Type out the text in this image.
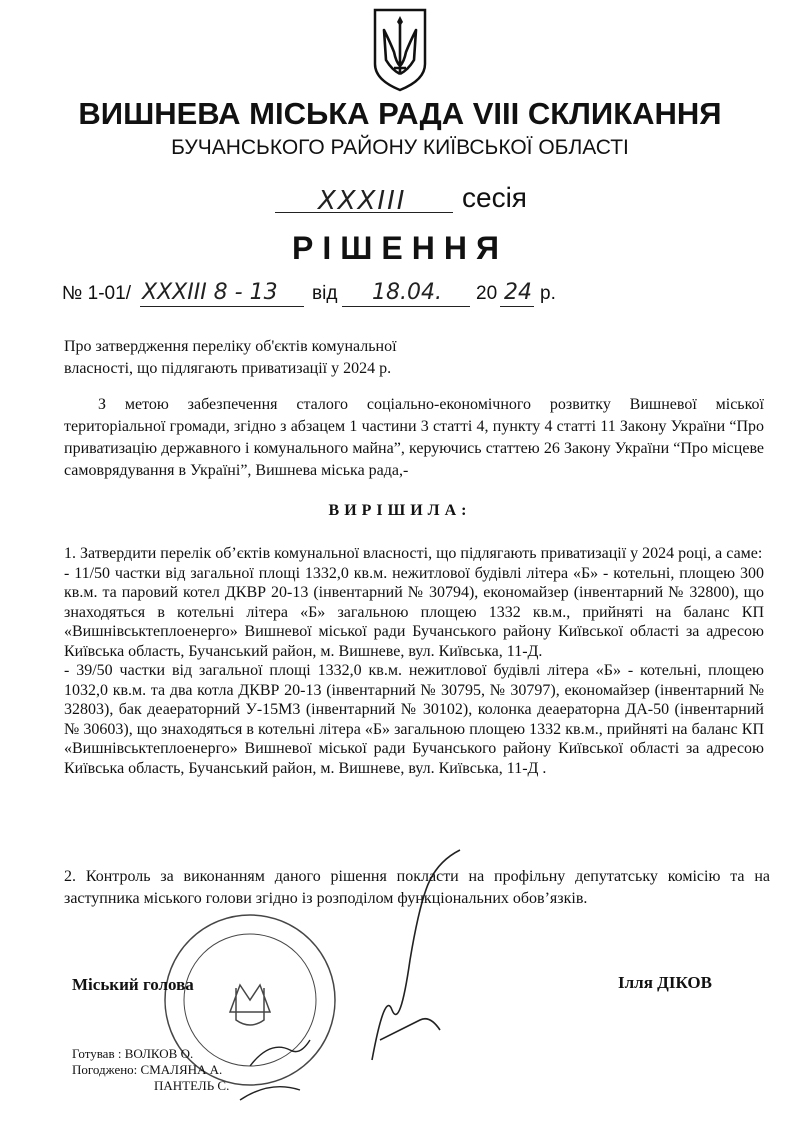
ВИШНЕВА МІСЬКА РАДА VIII СКЛИКАННЯ
БУЧАНСЬКОГО РАЙОНУ КИЇВСЬКОЇ ОБЛАСТІ
XXXIII сесія
РІШЕННЯ
№ 1-01/ XXXIII 8 - 13 від 18.04. 20 24 р.
Про затвердження переліку об'єктів комунальної власності, що підлягають приватизації у 2024 р.
З метою забезпечення сталого соціально-економічного розвитку Вишневої міської територіальної громади, згідно з абзацем 1 частини 3 статті 4, пункту 4 статті 11 Закону України “Про приватизацію державного і комунального майна”, керуючись статтею 26 Закону України “Про місцеве самоврядування в Україні”, Вишнева міська рада,-
ВИРІШИЛА:
1. Затвердити перелік об’єктів комунальної власності, що підлягають приватизації у 2024 році, а саме:
- 11/50 частки від загальної площі 1332,0 кв.м. нежитлової будівлі літера «Б» - котельні, площею 300 кв.м. та паровий котел ДКВР 20-13 (інвентарний № 30794), економайзер (інвентарний № 32800), що знаходяться в котельні літера «Б» загальною площею 1332 кв.м., прийняті на баланс КП «Вишнівськтеплоенерго» Вишневої міської ради Бучанського району Київської області за адресою Київська область, Бучанський район, м. Вишневе, вул. Київська, 11-Д.
- 39/50 частки від загальної площі 1332,0 кв.м. нежитлової будівлі літера «Б» - котельні, площею 1032,0 кв.м. та два котла ДКВР 20-13 (інвентарний № 30795, № 30797), економайзер (інвентарний № 32803), бак деаераторний У-15М3 (інвентарний № 30102), колонка деаераторна ДА-50 (інвентарний № 30603), що знаходяться в котельні літера «Б» загальною площею 1332 кв.м., прийняті на баланс КП «Вишнівськтеплоенерго» Вишневої міської ради Бучанського району Київської області за адресою Київська область, Бучанський район, м. Вишневе, вул. Київська, 11-Д .
2. Контроль за виконанням даного рішення покласти на профільну депутатську комісію та на заступника міського голови згідно із розподілом функціональних обов’язків.
Міський голова	Ілля ДІКОВ
Готував : ВОЛКОВ О.
Погоджено: СМАЛЯНА А.
ПАНТЕЛЬ С.
